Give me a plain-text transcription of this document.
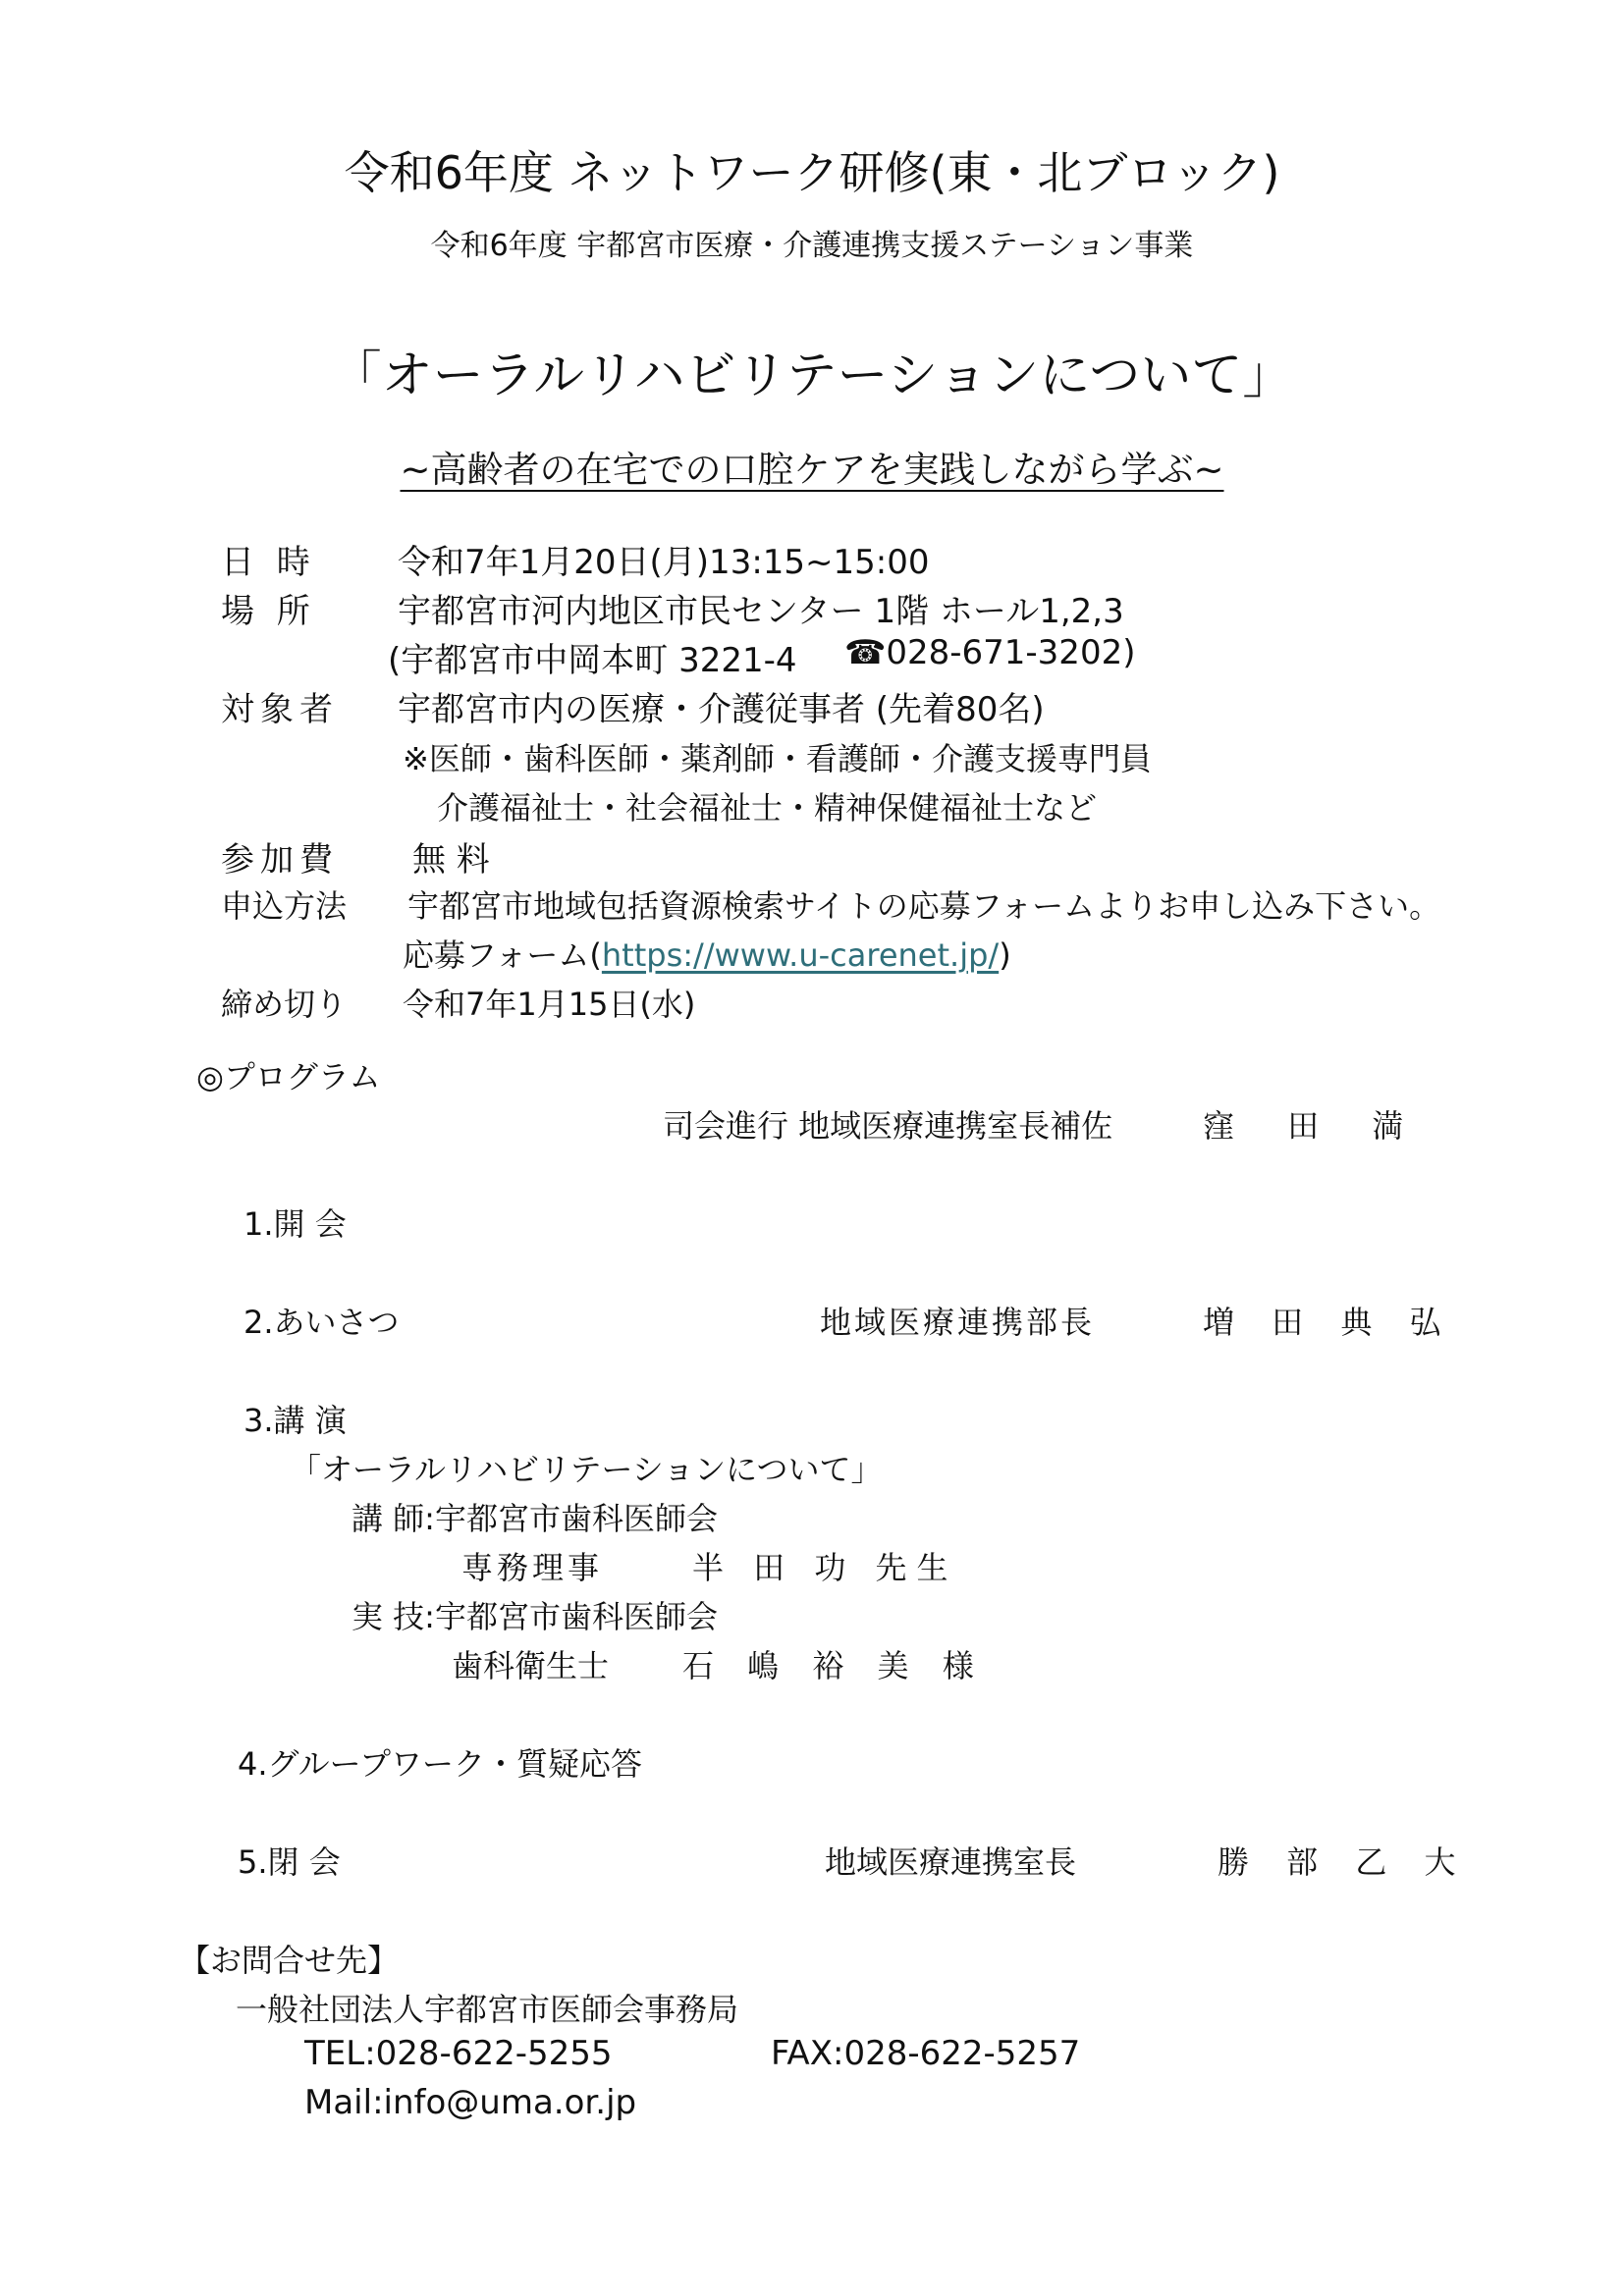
令和6年度 ネットワーク研修(東・北ブロック)
令和6年度 宇都宮市医療・介護連携支援ステーション事業
「オーラルリハビリテーションについて」
~高齢者の在宅での口腔ケアを実践しながら学ぶ~
日 時 令和7年1月20日(月)13:15~15:00
場 所 宇都宮市河内地区市民センター 1階 ホール1,2,3
(宇都宮市中岡本町 3221-4 ☎028-671-3202)
対象者 宇都宮市内の医療・介護従事者 (先着80名)
※医師・歯科医師・薬剤師・看護師・介護支援専門員
介護福祉士・社会福祉士・精神保健福祉士など
参加費 無 料
申込方法 宇都宮市地域包括資源検索サイトの応募フォームよりお申し込み下さい。
応募フォーム(https://www.u-carenet.jp/)
締め切り 令和7年1月15日(水)
◎プログラム
司会進行 地域医療連携室長補佐	窪 田 満
1.開 会
2.あいさつ	地域医療連携部長	増 田 典 弘
3.講 演
「オーラルリハビリテーションについて」
講 師:宇都宮市歯科医師会
専務理事	半 田 功 先生
実 技:宇都宮市歯科医師会
歯科衛生士 石 嶋 裕 美 様
4.グループワーク・質疑応答
5.閉 会	地域医療連携室長	勝 部 乙 大
【お問合せ先】
一般社団法人宇都宮市医師会事務局
TEL:028-622-5255	FAX:028-622-5257
Mail:info@uma.or.jp
